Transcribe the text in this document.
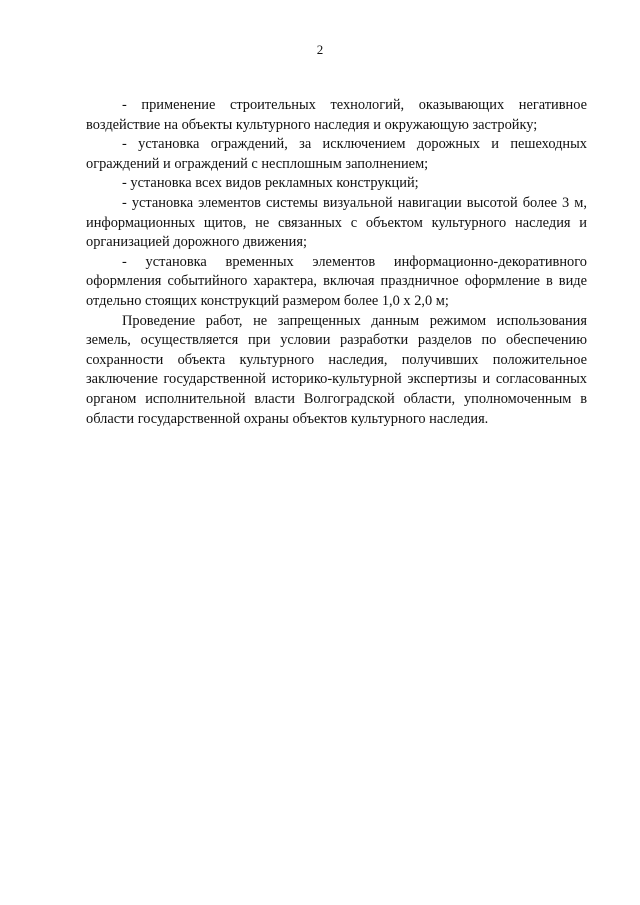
2

- применение строительных технологий, оказывающих негативное воздействие на объекты культурного наследия и окружающую застройку;

- установка ограждений, за исключением дорожных и пешеходных ограждений и ограждений с несплошным заполнением;

- установка всех видов рекламных конструкций;

- установка элементов системы визуальной навигации высотой более 3 м, информационных щитов, не связанных с объектом культурного наследия и организацией дорожного движения;

- установка временных элементов информационно-декоративного оформления событийного характера, включая праздничное оформление в виде отдельно стоящих конструкций размером более 1,0 х 2,0 м;

Проведение работ, не запрещенных данным режимом использования земель, осуществляется при условии разработки разделов по обеспечению сохранности объекта культурного наследия, получивших положительное заключение государственной историко-культурной экспертизы и согласованных органом исполнительной власти Волгоградской области, уполномоченным в области государственной охраны объектов культурного наследия.
